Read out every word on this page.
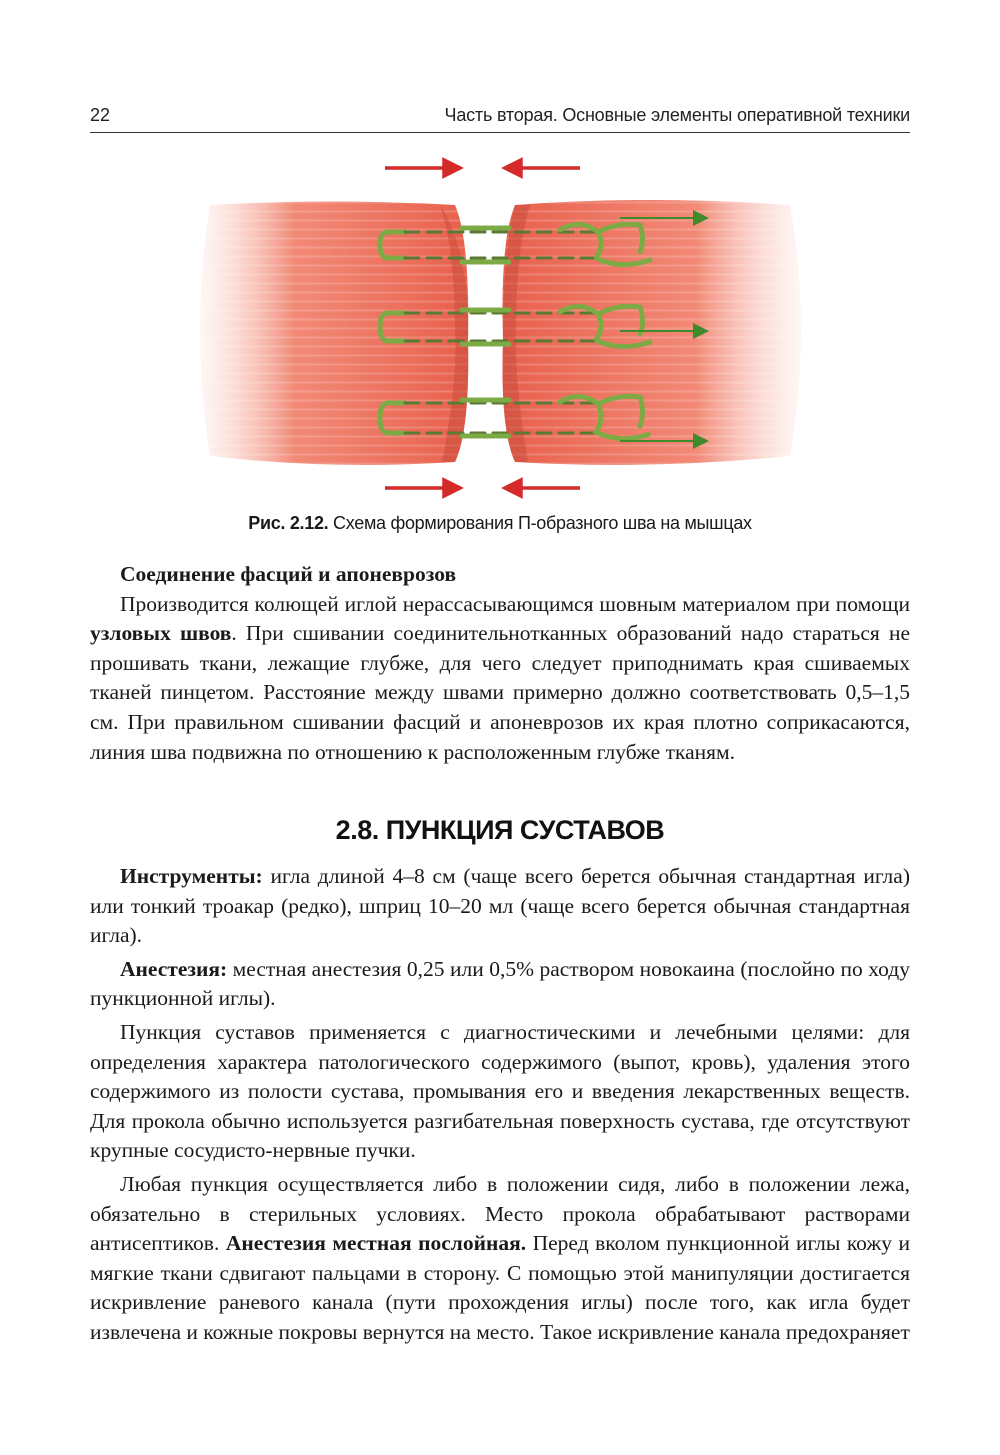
22	Часть вторая. Основные элементы оперативной техники
Рис. 2.12. Схема формирования П-образного шва на мышцах

Соединение фасций и апоневрозов

Производится колющей иглой нерассасывающимся шовным материалом при помощи узловых швов. При сшивании соединительнотканных образований надо стараться не прошивать ткани, лежащие глубже, для чего следует приподнимать края сшиваемых тканей пинцетом. Расстояние между швами примерно должно соответствовать 0,5–1,5 см. При правильном сшивании фасций и апоневрозов их края плотно соприкасаются, линия шва подвижна по отношению к расположенным глубже тканям.

2.8. ПУНКЦИЯ СУСТАВОВ

Инструменты: игла длиной 4–8 см (чаще всего берется обычная стандартная игла) или тонкий троакар (редко), шприц 10–20 мл (чаще всего берется обычная стандартная игла).

Анестезия: местная анестезия 0,25 или 0,5% раствором новокаина (послойно по ходу пункционной иглы).

Пункция суставов применяется с диагностическими и лечебными целями: для определения характера патологического содержимого (выпот, кровь), удаления этого содержимого из полости сустава, промывания его и введения лекарственных веществ. Для прокола обычно используется разгибательная поверхность сустава, где отсутствуют крупные сосудисто-нервные пучки.

Любая пункция осуществляется либо в положении сидя, либо в положении лежа, обязательно в стерильных условиях. Место прокола обрабатывают растворами антисептиков. Анестезия местная послойная. Перед вколом пункционной иглы кожу и мягкие ткани сдвигают пальцами в сторону. С помощью этой манипуляции достигается искривление раневого канала (пути прохождения иглы) после того, как игла будет извлечена и кожные покровы вернутся на место. Такое искривление канала предохраняет
